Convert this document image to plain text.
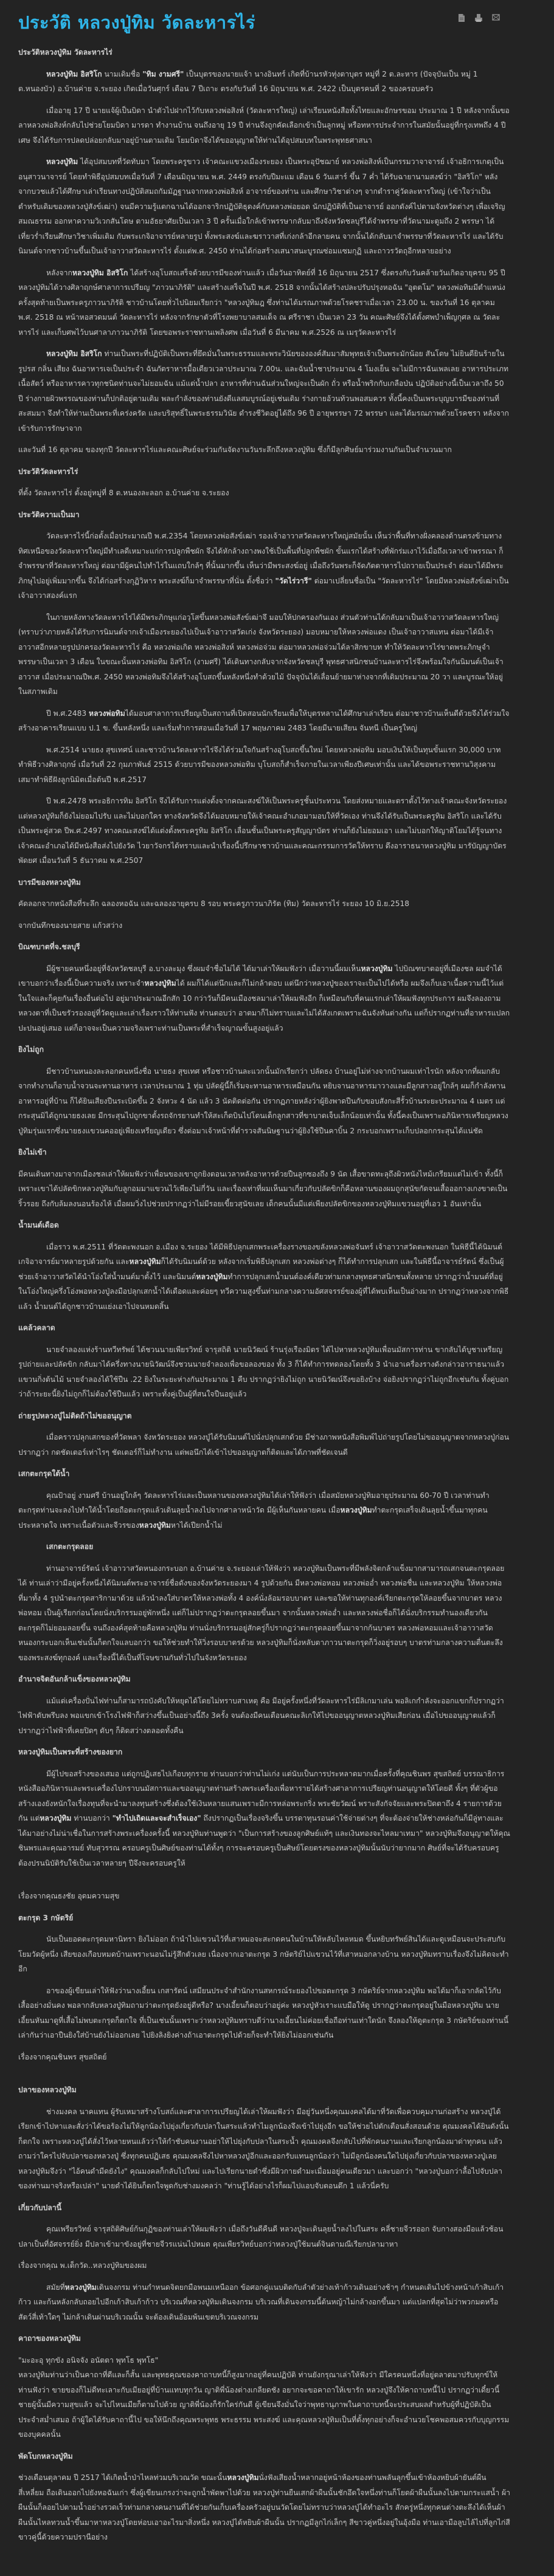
ประวัติ หลวงปู่ทิม วัดละหารไร่

ประวัติหลวงปู่ทิม วัดละหารไร่

หลวงปู่ทิม อิสริโก นามเดิมชื่อ "ทิม งามศรี" เป็นบุตรของนายแจ้า นางอินทร์ เกิดที่บ้านรหัวทุ่งตาบุตร หมู่ที่ 2 ต.ละหาร (ปัจจุบันเป็น หมู่ 1 ต.หนองบัว) อ.บ้านค่าย จ.ระยอง เกิดเมื่อวันศุกร์ เดือน 7 ปีเถาะ ตรงกับวันที่ 16 มิถุนายน พ.ศ. 2422 เป็นบุตรคนที่ 2 ของครอบครัว

เมื่ออายุ 17 ปี นายแจ้ผู้เป็นบิดา นำตัวไปฝากไว้กับหลวงพ่อสิงห์ (วัดละหารใหญ่) เล่าเรียนหนังสือทั้งไทยและอักษรขอม ประมาณ 1 ปี หลังจากนั้นขอลาหลวงพ่อสิงห์กลับไปช่วยโยมบิดา มารดา ทำงานบ้าน จนถึงอายุ 19 ปี ท่านจึงถูกคัดเลือกเข้าเป็นลูกหมู่ หรือทหารประจำการในสมัยนั้นอยู่ที่กรุงเทพถึง 4 ปีเศษ จึงได้รับการปลดปล่อยกลับมาอยู่บ้านตามเดิม โยมบิดาจึงได้ขออนุญาตให้ท่านได้อุปสมบทในพระพุทธศาสนา

หลวงปู่ทิม ได้อุปสมบทที่วัดทับมา โดยพระครูขาว เจ้าคณะแขวงเมืองระยอง เป็นพระอุปัชฌาย์ หลวงพ่อสิงห์เป็นกรรมวาจาจารย์ เจ้าอธิการเกตุเป็นอนุสาวนาจารย์ โดยทำพิธีอุปสมบทเมื่อวันที่ 7 เดือนมิถุนายน พ.ศ. 2449 ตรงกับปีมะแม เดือน 6 วันเสาร์ ขึ้น 7 ค่ำ ได้รับฉายานามสงฆ์ว่า "อิสริโก" หลังจากบวชแล้วได้ศึกษาเล่าเรียนทางปฏิบัติสมถกัมมัฏฐานจากหลวงพ่อสิงห์ อาจารย์ของท่าน และศึกษาวิชาต่างๆ จากตำราคู่วัดละหารใหญ่ (เข้าใจว่าเป็นตำหรับเดิมของหลวงปู่สังข์เฒ่า) จนมีความรู้แตกฉานได้ออกจาริกปฏิบัติธุดงค์กับหลวงพ่อยอด นักปฏิบัติที่เป็นอาจารย์ ออกดังค์ไปตามจังหวัดต่างๆ เพื่อเจริญสมณธรรม ออกหาความวิเวกสันโดษ ตามอัธยาศัยเป็นเวลา 3 ปี ครั้นเมื่อใกล้เข้าพรรษากลับมาถึงจังหวัดชลบุรีได้จำพรรษาที่วัดนามะตูมถึง 2 พรรษา ได้เที่ยวร่ำเรียนศึกษาวิชาเพิ่มเติม กับพระเกจิอาจารย์หลายรูป ทั้งพระสงฆ์และฆราวาสที่เก่งกล้าอีกลายคน จากนั้นได้กลับมาจำพรรษาที่วัดละหารไร่ และได้รับนิมนต์จากชาวบ้านขึ้นเป็นเจ้าอาวาสวัดละหารไร่ ตั้งแต่พ.ศ. 2450 ท่านได้ก่อสร้างเสนาสนะบูรณซ่อมแซมกุฏิ และถาวรวัตถุอีกหลายอย่าง

หลังจากหลวงปู่ทิม อิสริโก ได้สร้างอุโบสถเสร็จด้วยบารมีของท่านแล้ว เมื่อวันอาทิตย์ที่ 16 มิถุนายน 2517 ซึ่งตรงกับวันคล้ายวันเกิดอายุครบ 95 ปี หลวงปู่ทิมได้วางศิลาฤกษ์ศาลาการเปรียญ "ภาวนาภิรัติ" และสร้างเสร็จในปี พ.ศ. 2518 จากนั้นได้สร้างปละปรับปรุงหอฉัน "อุตตโม" หลวงพ่อทิมมีตำแหน่งครั้งสุดท้ายเป็นพระครูภาวนาภิรัติ ชาวบ้านโดยทั่วไปนิยมเรียกว่า "หลวงปู่ทิมฎ ซึ่งท่านได้มรณภาพด้วยโรคชราเมื่อเวลา 23.00 น. ของวันที่ 16 ตุลาคม พ.ศ. 2518 ณ หน้าหอสวดมนต์ วัดละหารไร่ หลังจากรักษาตัวที่โรงพยาบาลสมเด็จ ณ ศรีราชา เป็นเวลา 23 วัน คณะศิษย์จึงได้ตั้งศพบำเพ็ญกุศล ณ วัดละหารไร่ และเก็บศพไว้บนศาลาภาวนาภิรัติ โดยขอพระราชทานเพลิงศพ เมื่อวันที่ 6 มีนาคม พ.ศ.2526 ณ เมรุวัดละหารไร่

หลวงปู่ทิม อิสริโก ท่านเป็นพระที่ปฏิบัติเป็นพระที่ยึดมั่นในพระธรรมและพระวินัยขององค์สัมมาสัมพุทธเจ้าเป็นพระมักน้อย สันโดษ ไม่ยินดียินร้ายในรูปรส กลิ่น เสียง ฉันอาหารเจเป็นประจำ ฉันภัตราหารมื้อเดียวเวลาประมาณ 7.00น. และฉันน้ำชาประมาณ 4 โมงเย็น จะไม่มีการฉันเพลเลย อาหารประเภทเนื้อสัตว์ หรืออาหารคาวทุกชนิดท่านจะไม่ยอมฉัน แม้แต่น้ำปลา อาหารที่ท่านฉันส่วนใหญ่จะเป็นผัก ถั่ว หรือน้ำพริกกับเกลือป่น ปฏิบัติอย่างนี้เป็นเวลาถึง 50 ปี ร่างกายผิวพรรณของท่านก็ปกติอยู่ตามเดิม พละกำลังของท่านยังดีแลสมบูรณ์อยู่เช่นเดิม ร่างกายอ้วนท้วนพอสมควร ทั้งนี้คงเป็นเพระบุญบารมีของท่านที่สะสมมา จึงทำให้ท่านเป็นพระที่เคร่งครัด และบริสุทธิ์ในพระธรรมวินัย ดำรงชีวิตอยู่ได้ถึง 96 ปี อายุพรรษา 72 พรรษา และได้มรณภาพด้วยโรคชรา หลังจากเข้ารับการรักษาจาก

และวันที่ 16 ตุลาคม ของทุกปี วัดละหารไร่และคณะศิษย์จะร่วมกันจัดงานวันระลึกถึงหลวงปู่ทิม ซึ่งก็มีลูกศิษย์มาร่วมงานกันเป็นจำนวนมาก

ประวัติวัดละหารไร่

ที่ตั้ง วัดละหารไร่ ตั้งอยู่หมู่ที่ 8 ต.หนองละลอก อ.บ้านค่าย จ.ระยอง

ประวัติความเป็นมา

วัดละหารไร่นี้ก่อตั้งเมื่อประมาณปี พ.ศ.2354 โดยหลวงพ่อสังข์เฒ่า รองเจ้าอาวาสวัดละหารใหญ่สมัยนั้น เห็นว่าพื้นที่ทางฝั่งคลองด้านตรงข้ามทางทิศเหนือของวัดละหารใหญ่มีทำเลดีเหมาะแก่การปลูกพืชผัก จึงได้หักล้างถางพงใช้เป็นพื้นที่ปลูกพืชผัก ขั้นแรกได้สร้างที่พักร่มเงาไว้เมื่อถึงเวลาเข้าพรรณา ก็จำพรรษาที่วัดละหารใหญ่ ต่อมามีผู้คนไปทำไร่ในแถบใกล้ๆ ที่นั้นมากขึ้น เห็นว่ามีพระสงฆ์อยู่ เมื่อถึงวันพระก็จัดภัตตาหารไปถวายเป็นประจำ ต่อมาได้มีพระภิกษุไปอยู่เพิ่มมากขึ้น จึงได้ก่อสร้างกุฏิวิหาร พระสงฆ์ก็มาจำพรรษาที่นั่น ตั้งชื่อว่า "วัดไร่วารี" ต่อมาเปลี่ยนชื่อเป็น "วัดละหารไร่" โดยมีหลวงพ่อสังข์เฒ่าเป็นเจ้าอาวาสองค์แรก

ในภายหลังทางวัดละหารไร่ได้มีพระภิกษุแก่อวุโสขึ้นหลวงพ่อสังข์เฒ่าจึ มอบให้ปกครองกันเอง ส่วนตัวท่านได้กลับมาเป็นเจ้าอาวาสวัดละหารใหญ่ (ทราบว่าภายหลังได้รับการนิมนต์จากเจ้าเมืองระยองไปเป็นเจ้าอาวาสวัดเก่ง จังหวัดระยอง) มอบหมายให้หลวงพ่อแดง เป็นเจ้าอาวาสแทน ต่อมาได้มีเจ้าอาวาสอีกหลายรูปปกครองวัดละหารไร่ คือ หลวงพ่อเกิด หลวงพ่อสิงห์ หลวงพ่อจ่วม ต่อมาหลวงพ่อจ่วมได้ลาสิกขาบท ทำให้วัดละหารไร่ขาดพระภิกษุจำพรรษาเป็นเวลา 3 เดือน ในขณะนั้นหลวงพ่อทิม อิสริโก (งามศรี) ได้เดินทางกลับจากจังหวัดชลบุรี พุทธศาสนิกชนบ้านละหารไร่จึงพร้อมใจกันนิมนต์เป็นเจ้าอาวาส เมื่อประมาณปีพ.ศ. 2450 หลวงพ่อทิมจึงได้สร้างอุโบสถขึ้นหลังหนึ่งทำด้วยไม้ ปัจจุบันได้เลื่อนย้ายมาห่างจากที่เดิมประมาณ 20 วา และบูรณะให้อยู่ในสภาพเดิม

ปี พ.ศ.2483 หลวงพ่อทิมได้มอบศาลาการเปรียญเป็นสถานที่เปิดสอนนักเรียนเพื่อให้บุตรหลานได้ศึกษาเล่าเรียน ต่อมาชาวบ้านเห็นดีด้วยจึงได้ร่วมใจสร้างอาคารเรียนแบบ ป.1 ข. ขึ้นหลังหนึ่ง และเริ่มทำการสอนเมื่อวันที่ 17 พฤษภาคม 2483 โดยมีนายเสียน จันทนี เป็นครูใหญ่

พ.ศ.2514 นายธง สุขเทศน์ และชาวบ้านวัดละหารไร่จึงได้ร่วมใจกันสร้างอุโบสถขึ้นใหม่ โดยหลวงพ่อทิม มอบเงินให้เป็นทุนขั้นแรก 30,000 บาท ทำพิธีวางศิลาฤกษ์ เมื่อวันที่ 22 กุมภาพันธ์ 2515 ด้วยบารมีของหลวงพ่อทิม บุโบสถก็สำเร็จภายในเวลาเพียงปีเศษเท่านั้น และได้ขอพระราชทานวิสุงคามเสมาทำพิธีฝังลูกนิมิตเมื่อต้นปี พ.ศ.2517

ปี พ.ศ.2478 พระอธิการทิม อิสริโก จึงได้รับการแต่งตั้งจากคณะสงฆ์ให้เป็นพระครูชั้นประทวน โดยส่งหมายและตราตั้งไว้ทางเจ้าคณะจังหวัดระยอง แต่หลวงปู่ทิมก็ยังไม่ยอมไปรับ และไม่บอกใคร ทางจังหวัดจึงได้มอบหมายให้เจ้าคณะอำเภอมามอบให้ที่วัดเอง ท่านจึงได้รับเป็นพระครูทิม อิสริโก และได้รับเป็นพระคู่สวด ปีพ.ศ.2497 ทางคณะสงฆ์ได้แต่งตั้งพระครูทิม อิสริโก เลื่อนชั้นเป็นพระครูสัญญาบัตร ท่านก็ยังไม่ยอมเอา และไม่บอกให้ญาติโยมได้รู้จนทางเจ้าคณะอำเภอได้มีหนังสือส่งไปยังวัด ไวยาวัจกรได้ทราบและนำเรื่องนี้ปรึกษาชาวบ้านและคณะกรรมการวัดให้ทราบ ดึงอาราธนาหลวงปู่ทิม มารับัญญาบัตรพัดยศ เมื่อนวันที่ 5 ธันวาคม พ.ศ.2507

บารมีของหลวงปู่ทิม

คัดลอกจากหนังสือที่ระลึก ฉลองหอฉัน และฉลองอายุครบ 8 รอบ พระครูภาวนาภิรัต (ทิม) วัดละหารไร่ ระยอง 10 มิ.ย.2518

จากบันทึกของนายสาย แก้วสว่าง

บิณฑบาตที่จ.ชลบุรี

มีผู้ชายคนหนึ่งอยู่ที่จังหวัดชลบุรี อ.บางละมุง ซึ่งผมจำชื่อไม่ได้ ได้มาเล่าให้ผมฟังว่า เมื่อวานนี้ผมเห็นหลวงปู่ทิม ไปบิณฑบาตอยู่ที่เมืองชล ผมจำได้เขาบอกว่าเรื่องนี้เป็นความจริง เพราะจำหลวงปู่ทิมได้ ผมก็ได้แต่นึกและก็ไม่กล้าตอบ แต่นึกว่าหลวงปู่ของเราจะเป็นไปได้หรือ ผมจึงเก็บเอาเนื้อความนี้ไว้แต่ในใจและก็คุยกันเรื่องอื่นต่อไป อยู่มาประมาณอีกสัก 10 กว่าวันก็มีคนเมืองชลมาเล่าให้ผมฟังอีก ก็เหมือนกับที่คนแรกเล่าให้ผมฟังทุกประการ ผมจึงลองถามหลวงตาที่เป็นขรัวรองอยู่ที่วัดดูและเล่าเรื่องราวให้ท่านฟัง ท่านตอบว่า อาตมาก็ไม่ทราบและไม่ได้สังเกตเพราะฉันจังหันต่างกัน แต่ก็ปรากฏท่านที่อาหารแปลกปะปนอยู่เสมอ แต่ก็อาจจะเป็นความจริงเพราะท่านเป็นพระที่สำเร็จญาณขั้นสูงอยู่แล้ว

ยิงไม่ถูก

มีชาวบ้านหนองละลอกคนหนึ่งชื่อ นายธง สุขเทศ หรือชาวบ้านละแวกนั้นมักเรียกว่า ปลัดธง บ้านอยู่ไม่ห่างจากบ้านผมเท่าไรนัก หลังจากที่ผมกลับจากทำงานก็อาบน้ำจวนจะทานอาหาร เวลาประมาณ 1 ทุ่ม ปลัดผู้นี้ก็เริ่มจะทานอาหารเหมือนกัน หยิบจานอาหารมาวางและมีลูกสาวอยู่ใกล้ๆ ผมก็กำลังทานอาหารอยู่ที่บ้าน ก็ได้ยินเสียงปืนระเบิดขึ้น 2 จังหวะ 4 นัด แล้ว 3 นัดติดต่อกัน ปรากฏภายหลังว่าผู้ยิงพาดปืนกับขอบสังกะสีรั้วบ้านระยะประมาณ 4 เมตร แต่กระสุนมิได้ถูกนายธงเลย มีกระสุนไปถูกขาตั้งรถจักรยานทำให้สะเก็ดบินไปโดนเด็กลูกสาวที่ขาบาดเจ็บเล็กน้อยเท่านั้น ทั้งนี้คงเป็นเพราะอภินิหารเหรียญหลวงปู่ทิมรุ่นแรกซึ่งนายธงแขวนคออยู่เพียงเหรียญเดียว ซึ่งต่อมาเจ้าหน้าที่ตำรวจสันนิษฐานว่าผู้ยิงใช้ปืนคาบิ้น 2 กระบอกเพราะเก็บปลอกกระสุนได้แน่ชัด

ยิงไม่เข้า

มีคนเดินทางมาจากเมืองชลเล่าให้ผมฟังว่าเพื่อนของเขาถูกยิงตอนเวลาหลังอาหารด้วยปืนลูกซองถึง 9 นัด เสื้อขาดทะลุถึงผิวหนังไหม้เกรียมแต่ไม่เข้า ทั้งนี้ก็เพราะเขาได้ปลัดขิกหลวงปู่ทิมกับลูกอมมาแขวนไว้เพียงไม่กี่วัน และเรื่องเท่าที่ผมเห็นมาเกี่ยวกับปลัดขิกก็คือหลานของผมถูกสุนัขกัดจนเสื้อออกางเกงขาดเป็นริ้วรอย ถึงกับล้มลงนอนร้องไห้ เมื่อผมวิ่งไปช่วยปรากฏว่าไม่มีรอยเขี้ยวสุนัขเลย เด็กคนนั้นมีแต่เพียงปลัดขิกของหลวงปู่ทิมแขวนอยู่ที่เอว 1 อันเท่านั้น

น้ำมนต์เดือด

เมื่อราว พ.ศ.2511 ที่วัดตะพงนอก อ.เมือง จ.ระยอง ได้มีพิธีปลุกเสกพระเครื่องรางของขลังหลวงพ่อจันทร์ เจ้าอาวาสวัดตะพงนอก ในพิธีนี้ได้นิมนต์เกจิอาจารย์มาหลายรูปด้วยกัน และหลวงปู่ทิมก็ได้รับนิมนต์ด้วย หลังจากเริ่มพิธีปลุกเสก หลวงพ่อต่างๆ ก็ได้ทำการปลุกเสก และในพิธีนี้อาจารย์รัตน์ ซึ่งเป็นผู้ช่วยเจ้าอาวาสวัดได้นำโอ่งใส่น้ำมนต์มาตั้งไว้ และนิมนต์หลวงปู่ทิมทำการปลุกเสกน้ำมนต์องค์เดียวท่ามกลางพุทธศาสนิกชนทั้งหลาย ปรากฏว่าน้ำมนต์ที่อยู่ในโอ่งใหญ่ครึ่งโอ่งพอหลวงปู่ลงมือปลุกเสกน้ำได้เดือดและค่อยๆ ทวีความสูงขึ้นท่ามกลางความอัศสจรรย์ของผู้ที่ได้พบเห็นเป็นอ่างมาก ปรากฏว่าหลวงจากพิธีแล้ว น้ำมนต์ได้ถูกชาวบ้านแย่งเอาไปจนหมดสิ้น

แคล้วคลาด

นายจำลองแห่งร้านทวีทรัพย์ ได้ชวนนายเพียรวิทย์ จารุสถิติ นายนิวัฒน์ ร้านรุ่งเรืองมิตร ได้ไปหาหลวงปู่ทิมเพื่อนมัสการท่าน ขากลับได้บูชาเหรียญ รูปถ่ายและปลัดขิก กลับมาได้ครึ่งทางนายนิวัฒน์จึงชวนนายจำลองเพื่อขอลองของ ทั้ง 3 ก็ได้ทำการทดลองโดยทั้ง 3 นำเอาเครื่องรางดังกล่าวอาราธนาแล้วแขวนกิ่งต้นไม้ นายจำลองได้ใช้ปืน .22 ยิงในระยะห่างกันประมาณ 1 คืบ ปรากฏว่ายิงไม่ถูก นายนิวัฒน์จึงขอยิงบ้าง จ่อยิงปรากฏว่าไม่ถูกอีกเช่นกัน ทั้งคู่บอกว่าถ้าระยะนี้ยิงไม่ถูกก็ไม่ต้องใช้ปืนแล้ว เพราะทั้งคู่เป็นผู้ที่สนใจปืนอยู่แล้ว

ถ่ายรูปหลวงปู่ไม่ติดถ้าไม่ขออนุญาต

เมื่อคราวปลุกเสกของที่วัดพลา จังหวัดระยอง หลวงปู่ได้รับนิมนต์ไปนั่งปลุกเสกด้วย มีช่างภาพหนังสือพิมพ์ไปถ่ายรูปโดยไม่ขออนุญาตจากหลวงปู่ก่อนปรากฏว่า กดชัดเตอร์เท่าไรๆ ชัดเตอร์ก็ไม่ทำงาน แต่พอนึกได้เข้าไปขออนุญาตก็ติดและได้ภาพที่ชัดเจนดี

เสกตะกรุดใต้น้ำ

คุณป้าอยู่ งามศรี บ้านอยู่ใกล้ๆ วัดละหารไร่และเป็นหลานของหลวงปู่ทิมได้เล่าให้ฟังว่า เมื่อสมัยหลวงปู่ทิมอายุประมาณ 60-70 ปี เวลาท่านทำตะกรุดท่านจะลงไปทำใต้น้ำโดยถือตะกรุดแล้วเดินลุยน้ำลงไปจากศาลาหน้าวัด มีผู้เห็นกันหลายคน เมื่อหลวงปู่ทิมทำตะกรุดเสร็จเดินลุยน้ำขึ้นมาทุกคนประหลาดใจ เพราะเนื้อตัวและจีวรของหลวงปู่ทิมหาได้เปียกน้ำไม่

เสกตะกรุดลอย

ท่านอาจารย์รัตน์ เจ้าอาวาสวัดหนองกระบอก อ.บ้านค่าย จ.ระยองเล่าให้ฟังว่า หลวงปู่ทิมเป็นพระที่มีพลังจิตกล้าแข็งมากสามารถเสกจนตะกรุดลอยได้ ท่านเล่าว่ามีอยู่ครั้งหนึ่งได้นิมนต์พระอาจารย์ชื่อดังของจังหวัดระยองมา 4 รูปด้วยกัน มีหลวงพ่อหอม หลวงพ่ออ่ำ หลวงพ่อชื่น และหลวงปู่ทิม ให้หลวงพ่อที่มาทั้ง 4 รูปนำตะกรุดสาริกามาด้วย แล้วนำลงใส่บาตรให้หลวงพ่อทั้ง 4 องค์นั่งล้อมรอบบาตร และขอให้ท่านทุกองค์เรียกตะกรุดให้ลอยขึ้นจากบาตร หลวงพ่อหอม เป็นผู้เรียกก่อนโดยนั่งบริกรรมอยู่พักหนึ่ง แต่ก็ไม่ปรากฏว่าตะกรุดลอยขึ้นมา จากนั้นหลวงพ่ออ่ำ และหลวงพ่อชื่อก็ได้นั่งบริกรรมทำนองเดียวกัน ตะกรุดก็ไม่ยอมลอยขึ้น จนถึงองค์สุดท้ายคือหลวงปู่ทิม ท่านนั่งบริกรรมอยู่สักครู่ก็ปรากฏว่าตะกรุดลอยขึ้นมาจากก้นบาตร หลวงพ่อหอมและเจ้าอาวาสวัดหนองกระบอกเห็นเช่นนั้นก็ตกใจแลบอกว่า ขอให้ช่วยทำให้วิ่งรอบบาตรด้วย หลวงปู่ทิมก็นั่งหลับตาภาวนาตะกรุดก็วิ่งอยู่รอบๆ บาตรท่ามกลางความตื่นตะลึงของพระสงฆ์ทุกองค์ และเรื่องนี้ได้เป็นที่โจษขานกันทั่วไปในจังหวัดระยอง

อำนาจจิตอันกล้าแข็งของหลวงปู่ทิม

แม้แต่เครื่องปั่นไฟท่านก็สามารถบังคับให้หยุดได้โดยไม่ทราบสาเหตุ คือ มีอยู่ครั้งหนึ่งที่วัดละหารไร่มีลิเกมาเล่น พอลิเกกำลังจะออกแขกก็ปรากฏว่าไฟฟ้าดับพรึบลง พอแขกเข้าโรงไฟฟ้าก็สว่างขึ้นเป็นอย่างนี้ถึง 3ครั้ง จนต้องมีคนเตือนคณะลิเกให้ไปขออนุญาตหลวงปู่ทิมเสียก่อน เมื่อไปขออนุญาตแล้วก็ปรากฏว่าไฟฟ้าที่เคยปิดๆ ดับๆ ก็ติดสว่างตลอดทั้งคืน

หลวงปู่ทิมเป็นพระที่สร้างของยาก

มีผู้ไปขอสร้างของเสมอ แต่ถูกปฏิเสธไปเกือบทุกราย ท่านบอกว่าท่านไม่เก่ง แต่นับเป็นการประหลาดมากเมื่อครั้งที่คุณชินพร สุขสถิตย์ บรรณาธิการหนังสืออภินิหารและพระเครื่องไปกราบนมัสการและขออนุญาตท่านสร้างพระเครื่องเพื่อหารายได้สร้างศาลาการเปรียญท่านอนุญาตให้โดยดี ทั้งๆ ที่ตัวผู้ขอสร้างเองยังหนักใจเรื่องทุนที่จะนำมาลงทุนสร้างซึ่งต้องใช้เงินหลายแสนเพราะมีการหล่อพระกริ่ง พระชัยวัฒน์ พราะสังกัจจัยและพระปิดตาถึง 4 รายการด้วยกัน แต่หลวงปู่ทิม ท่านบอกว่า "ทำไปเถิดและจะสำเร็จเอง" ถึงปรากฏเป็นเรื่องจริงขึ้น บรรดาทุนรอนค่าใช้จ่ายต่างๆ ที่จะต้องจ่ายให้ช่างหล่อกันก็มีลู่ทางและได้มาอย่างไม่น่าเชื่อในการสร้างพระเครื่องครั้งนี้ หลวงปู่ทิมท่านพูดว่า "เป็นการสร้างของลูกศิษย์แท้ๆ และเงินทองจะไหลมาเทมา" หลวงปู่ทิมจึงอนุญาตให้คุณชินพรและคุณอารมย์ ทับสุวรรณ ครอบครูเป็นศิษย์ของท่านได้ทั้งๆ การจะครอบครูเป็นศิษย์โดยตรงของหลวงปู่ทิมนั้นนับว่ายากมาก ศิษย์ที่จะได้รับครอบครูต้องปรนนิบัติรับใช้เป็นเวลาหลายๆ ปีจึงจะครอบครูให้

เรื่องจากคุณธงชัย อุดมความสุข

ตะกรุด 3 กษัตริย์

นับเป็นยอดตะกรุดมหานิทรา ยิงไม่ออก ถ้านำไปแขวนไว้ที่เสาหมอจะสะกดคนในบ้านให้หลับไหลหมด ขึ้นหยิบทรัพย์สินได้และดูเหมือนจะประสบกับโยมวัดผู้หนึ่ง เสียของเกือบหมดบ้านเพราะนอนไม่รู้สึกตัวเลย เนื่องจากเอาตะกรุด 3 กษัตริย์ไปแขวนไว้ที่เสาหมอกลางบ้าน หลวงปู่ทิมทราบเรื่องจึงไม่คิดจะทำอีก

อาของผู้เขียนเล่าให้ฟังว่านางเอี้ยน เกสารัตน์ เสมียนประจำสำนักงานสหกรณ์ระยองไปขอตะกรุด 3 กษัตริย์จากหลวงปู่ทิม พอได้มาก็เอากลัดไว้กับเสื้ออย่างมั่นคง พอลากลับหลวงปู่ทิมถามว่าตะกรุดยังอยู่ดีหรือ? นางเอี้ยนก็ตอบว่าอยู่ค่ะ หลวงปู่หัวเราะแบมือให้ดู ปรากฏว่าตะกรุดอยู่ในมือหลวงปู่ทิม นายเอี้ยนหันมาดูที่เสื้อไม่พบตะกรุดก็ตกใจ ที่เป็นเช่นนั้นเพราะว่าหลวงปู่ทิมทราบดีว่านางเอี้ยนไม่ค่อยเชื่อถือท่านเท่าใดนัก จึงลองให้ดูตะกรุด 3 กษัตริย์ของท่านนี้เล่ากันว่าเอาปืนยิงใส่บ้านยังไม่ออกเลย ไปยิงลิงยิงค่างถ้าเอาตะกรุดไปด้วยก็จะทำให้ยิงไม่ออกเช่นกัน

เรื่องจากคุณชินพร สุขสถิตย์

ปลาของหลวงปู่ทิม

ช่างมงคล นาคแทน ผู้รับเหมาสร้างโบสถ์และศาลาการเปรียญได้เล่าให้ผมฟังว่า มีอยู่วันหนึ่งคุณมงคลได้มาที่วัดเพื่อควบคุมงานก่อสร้าง หลวงปู่ได้เรียกเข้าไปหาและสั่งว่าได้ขอร้องไม่ให้ลูกน้องไปยุ่งเกี่ยวกับปลาในสระแล้วทำไมลูกน้องจึงเข้าไปยุ่งอีก ขอให้ช่วยไปตักเตือนสั่งสอนด้วย คุณมงคลได้ยินดังนั้นก็ตกใจ เพราะหลวงปู่ได้สั่งไว้หลายหนแล้วว่าให้กำชับคนงานอย่าให้ไปยุ่งกับปลาในสระน้ำ คุณมงคลจึงกลับไปที่พักคนงานและเรียกลูกน้องมาด่าทุกคน แล้วถามว่าใครไปจับปลาของหลวงปู่ ซึ่งทุกคนปฏิเสธ คุณมงคลจึงไปหาหลวงปู่อีกและออกรับแทนลูกน้องว่า ไม่มีลูกน้องคนใดไปยุ่งเกี่ยวกับปลาของหลวงปู่เลย หลวงปู่ทิมจึงว่า "ไอ้คนดำมีดยังไง" คุณมงคลก็กลับไปใหม่ และไปเรียกนายดำซึ่งมีผิวกายดำมะเมื่อมอยู่คนเดียวมา และบอกว่า "หลวงปู่บอกว่าลื้อไปจับปลาของท่านมาจริงหรือเปล่า" นายดำได้ยินก็ตกใจพูดกับช่างมงคลว่า "ท่านรู้ได้อย่างไรก็ผมไปแอบจับตอนดึก 1 แล้วนี่ครับ

เกี่ยวกับปลานี้

คุณเพรียรวิทย์ จารุสถิติศิษย์ก้นกุฏิของท่านเล่าให้ผมฟังว่า เมื่อถึงวันดีคืนดี หลวงปู่จะเดินลุยน้ำลงไปในสระ คลี่ชายจีวรออก จับกางสองมือแล้วช้อนปลาเป็นที่อัศจรรย์ยิ่ง มีปลาเข้ามาขังอยู่ที่ชายจีวรแน่นไปหมด คุณเพียรวิทย์บอกว่าหลวงปู่ใช้มนต์จินดามณีเรียกปลามาหา

เรื่องจากคุณ พ.เด็กวัด..หลวงปู่ทิมของผม

สมัยที่หลวงปู่ทิมเดินจงกรม ท่านกำหนดจิตยกมือพนมเหนืออก ข้อศอกคู่แนบติดกับลำตัวย่างเท้าก้าวเดินอย่างช้าๆ กำหนดเดินไปข้างหน้าเก้าสิบเก้าก้าว และก้นหลังกลับถอยไปอีกเก้าสิบเก้าก้าว บริเวณที่หลวงปู่ทิมเดินจงกรม บริเวณที่เดินจงกรมนี้ต้นหญ้าไม่กล้างอกขึ้นมา แต่แปลกที่สุดไม่ว่าพวกมดหรือสัตว์สี่เท้าใดๆ ไม่กล้าเดินผ่านบริเวณนั้น จะต้องเดินอ้อมพ้นเขตบริเวณจงกรม

คาถาของหลวงปู่ทิม

"มะอะอุ ทุกขัง อนิจจัง อนัตตา พุทโธ พุทโธ"
หลวงปู่ทิมท่านว่าเป็นคาถาที่ดีและก็สั้น และพุทธคุณของคาถาบทนี้ก็สูงมากอยู่ที่คนปฏิบัติ ท่านยังกรุณาเล่าให้ฟังว่า มีใครคนหนึ่งที่อยู่ตลาดมาปรับทุกข์ให้ท่านฟังว่า ขายของก็ไม่ดีทะเลาะกับเมียอยู่ที่บ้านแทบทุกวัน ญาติพี่น้องต่างเกลียดชัง อยากจะขอคาถาให้เขารัก หลวงปู่จึงให้คาถาบทนี้ไป ปรากฏว่าเดี๋ยวนี้ ชายผู้นั้นมีความสุขแล้ว จะไปไหนเมียก็ตามไปด้วย ญาติพี่น้องก็รักใคร่กันดี ผู้เขียนจึงมั่นใจว่าพุทธานุภาพในคาถาบทนี้จะประสบผลสำหรับผู้ที่ปฏิบัติเป็นประจำสม่ำเสมอ ถ้าผู้ใดได้รับคาถานี้ไป ขอให้นึกถึงคุณพระพุทธ พระธรรม พระสงฆ์ และคุณหลวงปู่ทิมเป็นที่ตั้งทุกอย่างก็จะอำนวยโชคพอสมควรกับบุญกรรมของบุคคลนั้น

พัดโบกหลวงปู่ทิม

ช่วงเดือนตุลาคม ปี 2517 ได้เกิดน้ำป่าไหลท่วมบริเวณวัด ขณะนั้นหลวงปู่ทิมนั่งฟังเสียงน้ำหลากอยู่หน้าห้องของท่านพลันลุกขึ้นเข้าห้องหยิบผ้ายันต์ผืนสี่เหลี่ยม ถือเดินออกไปยังหอฉันเก่า ซึ่งผู้เขียนเกรงว่าจะถูกน้ำพัดพาไปด้วย หลวงปู่ท่านยืนเสกผ้าผืนนั้นชักอึดใจหนึ่งท่านก็โยดผ้าผืนนั้นลงไปตามกระแสน้ำ ผ้าผืนนั้นก็ลอยไปตามน้ำอย่างรวดเร็วท่ามกลางคนงานที่ได้ช่วยกันเก็บเครื่องครัวอยู่บนวัดโดยไม่ทราบว่าหลวงปู่ได้ทำอะไร สักครู่หนึ่งทุกคนต่างตะลึงได้เห็นผ้าผืนนั้นไหลทวนน้ำขึ้นมาหาหลวงปู่โดยห่อบเอาอะไรมาสิ่งหนึ่ง หลวงปู่ได้หยิบผ้าผืนนั้น ปรากฏมีลูกไก่เล็กๆ สีขาวคู่หนึ่งอยู่ในอุ้งมือ ท่านเอามือลูบไล้ไปที่ลูกไก่สีขาวคู่นี้ด้วยความปรานีอย่าง
